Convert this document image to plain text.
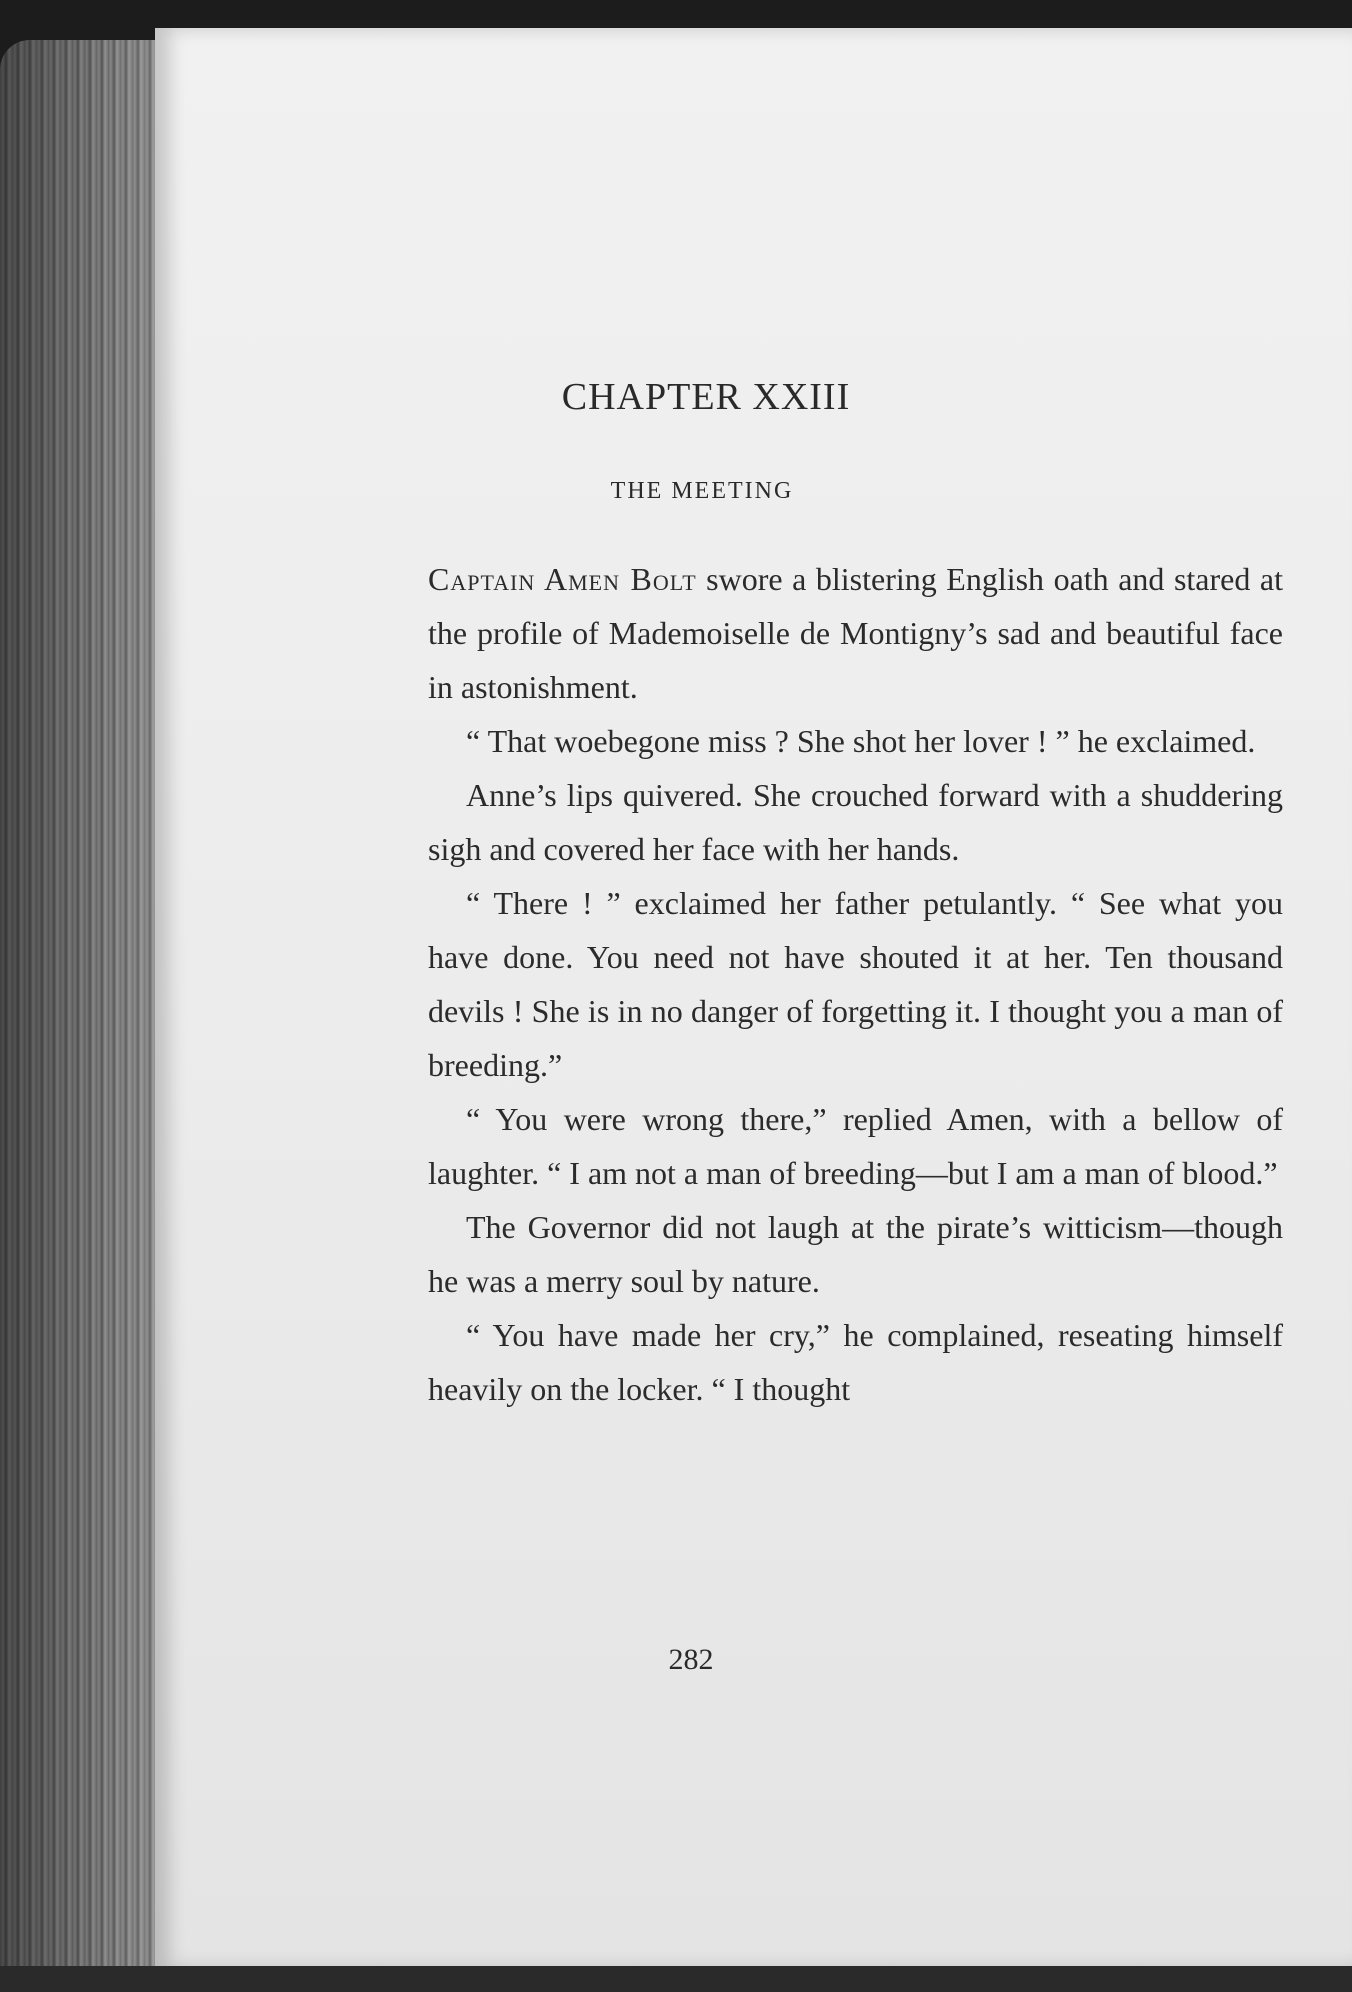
CHAPTER XXIII
THE MEETING

Captain Amen Bolt swore a blistering English oath and stared at the profile of Mademoiselle de Montigny’s sad and beautiful face in astonishment.

“ That woebegone miss ? She shot her lover ! ” he exclaimed.

Anne’s lips quivered. She crouched forward with a shuddering sigh and covered her face with her hands.

“ There ! ” exclaimed her father petulantly. “ See what you have done. You need not have shouted it at her. Ten thousand devils ! She is in no danger of forgetting it. I thought you a man of breeding.”

“ You were wrong there,” replied Amen, with a bellow of laughter. “ I am not a man of breeding—but I am a man of blood.”

The Governor did not laugh at the pirate’s witticism—though he was a merry soul by nature.

“ You have made her cry,” he complained, reseating himself heavily on the locker. “ I thought

282
